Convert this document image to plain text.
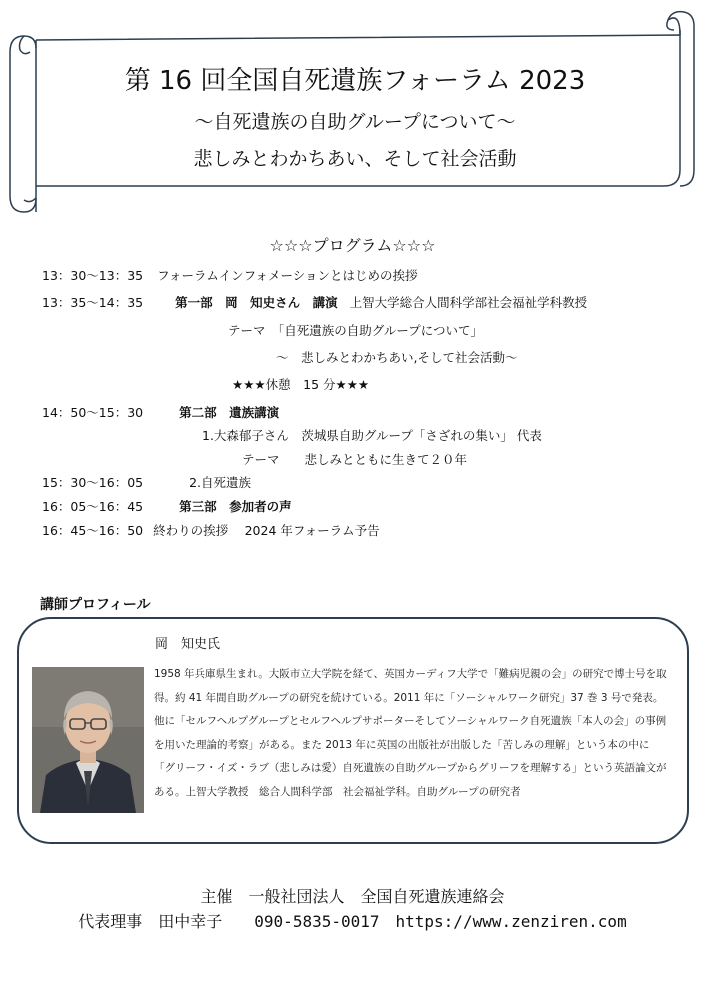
第 16 回全国自死遺族フォーラム 2023
～自死遺族の自助グループについて～
悲しみとわかちあい、そして社会活動
☆☆☆プログラム☆☆☆
13：30～13：35 フォーラムインフォメーションとはじめの挨拶
13：35～14：35	第一部　岡　知史さん　講演 上智大学総合人間科学部社会福祉学科教授
テーマ　「自死遺族の自助グループについて」
～　悲しみとわかちあい,そして社会活動～
★★★休憩　15 分★★★
14：50～15：30	第二部　遺族講演
1.大森郁子さん　茨城県自助グループ「さざれの集い」 代表
テーマ　　悲しみとともに生きて２０年
15：30～16：05	2.自死遺族
16：05～16：45	第三部　参加者の声
16：45～16：50 終わりの挨拶　 2024 年フォーラム予告
講師プロフィール
岡　知史氏
1958 年兵庫県生まれ。大阪市立大学院を経て、英国カーディフ大学で「難病児親の会」の研究で博士号を取得。約 41 年間自助グループの研究を続けている。2011 年に「ソーシャルワーク研究」37 巻 3 号で発表。他に「セルフヘルプグループとセルフヘルプサポーターそしてソーシャルワーク自死遺族「本人の会」の事例を用いた理論的考察」がある。また 2013 年に英国の出版社が出版した「苦しみの理解」という本の中に「グリーフ・イズ・ラブ（悲しみは愛）自死遺族の自助グループからグリーフを理解する」という英語論文がある。上智大学教授　総合人間科学部　社会福祉学科。自助グループの研究者
主催　一般社団法人　全国自死遺族連絡会
代表理事　田中幸子　　090-5835-0017　https://www.zenziren.com
